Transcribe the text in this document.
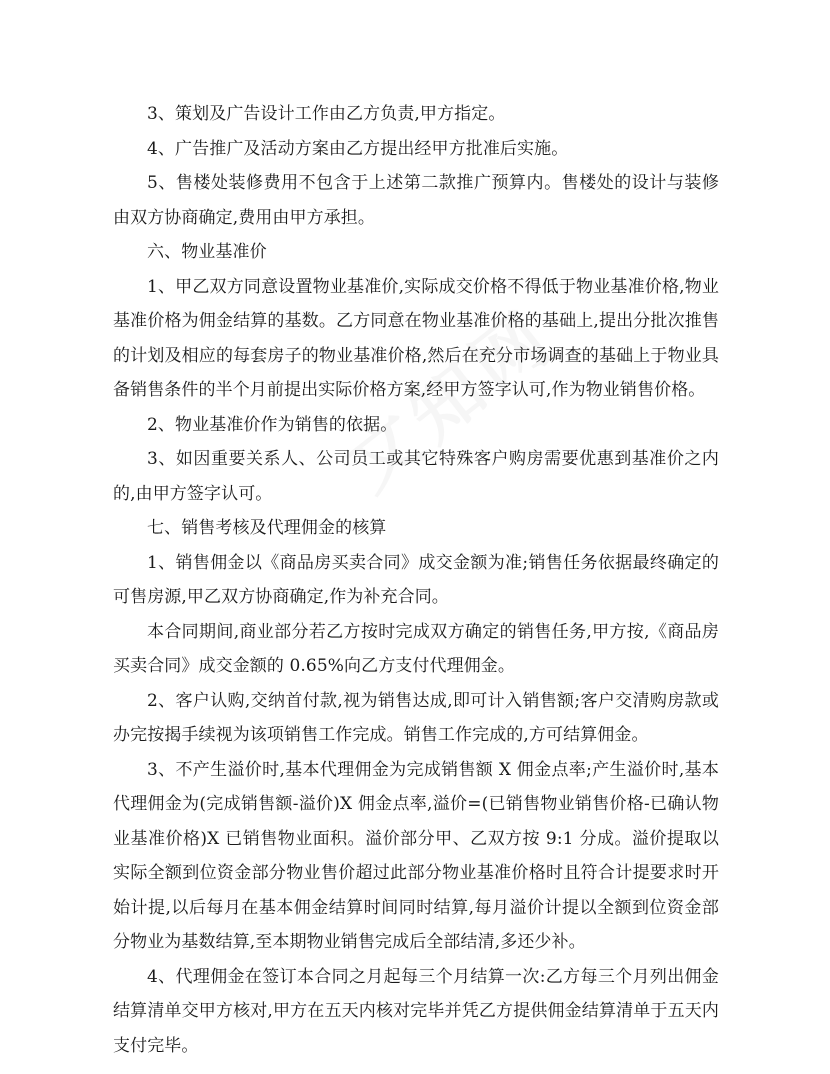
3、策划及广告设计工作由乙方负责,甲方指定。

4、广告推广及活动方案由乙方提出经甲方批准后实施。

5、售楼处装修费用不包含于上述第二款推广预算内。售楼处的设计与装修由双方协商确定,费用由甲方承担。

六、物业基准价

1、甲乙双方同意设置物业基准价,实际成交价格不得低于物业基准价格,物业基准价格为佣金结算的基数。乙方同意在物业基准价格的基础上,提出分批次推售的计划及相应的每套房子的物业基准价格,然后在充分市场调查的基础上于物业具备销售条件的半个月前提出实际价格方案,经甲方签字认可,作为物业销售价格。

2、物业基准价作为销售的依据。

3、如因重要关系人、公司员工或其它特殊客户购房需要优惠到基准价之内的,由甲方签字认可。

七、销售考核及代理佣金的核算

1、销售佣金以《商品房买卖合同》成交金额为准;销售任务依据最终确定的可售房源,甲乙双方协商确定,作为补充合同。

本合同期间,商业部分若乙方按时完成双方确定的销售任务,甲方按,《商品房买卖合同》成交金额的 0.65%向乙方支付代理佣金。

2、客户认购,交纳首付款,视为销售达成,即可计入销售额;客户交清购房款或办完按揭手续视为该项销售工作完成。销售工作完成的,方可结算佣金。

3、不产生溢价时,基本代理佣金为完成销售额 X 佣金点率;产生溢价时,基本代理佣金为(完成销售额-溢价)X 佣金点率,溢价=(已销售物业销售价格-已确认物业基准价格)X 已销售物业面积。溢价部分甲、乙双方按 9:1 分成。溢价提取以实际全额到位资金部分物业售价超过此部分物业基准价格时且符合计提要求时开始计提,以后每月在基本佣金结算时间同时结算,每月溢价计提以全额到位资金部分物业为基数结算,至本期物业销售完成后全部结清,多还少补。

4、代理佣金在签订本合同之月起每三个月结算一次:乙方每三个月列出佣金结算清单交甲方核对,甲方在五天内核对完毕并凭乙方提供佣金结算清单于五天内支付完毕。
